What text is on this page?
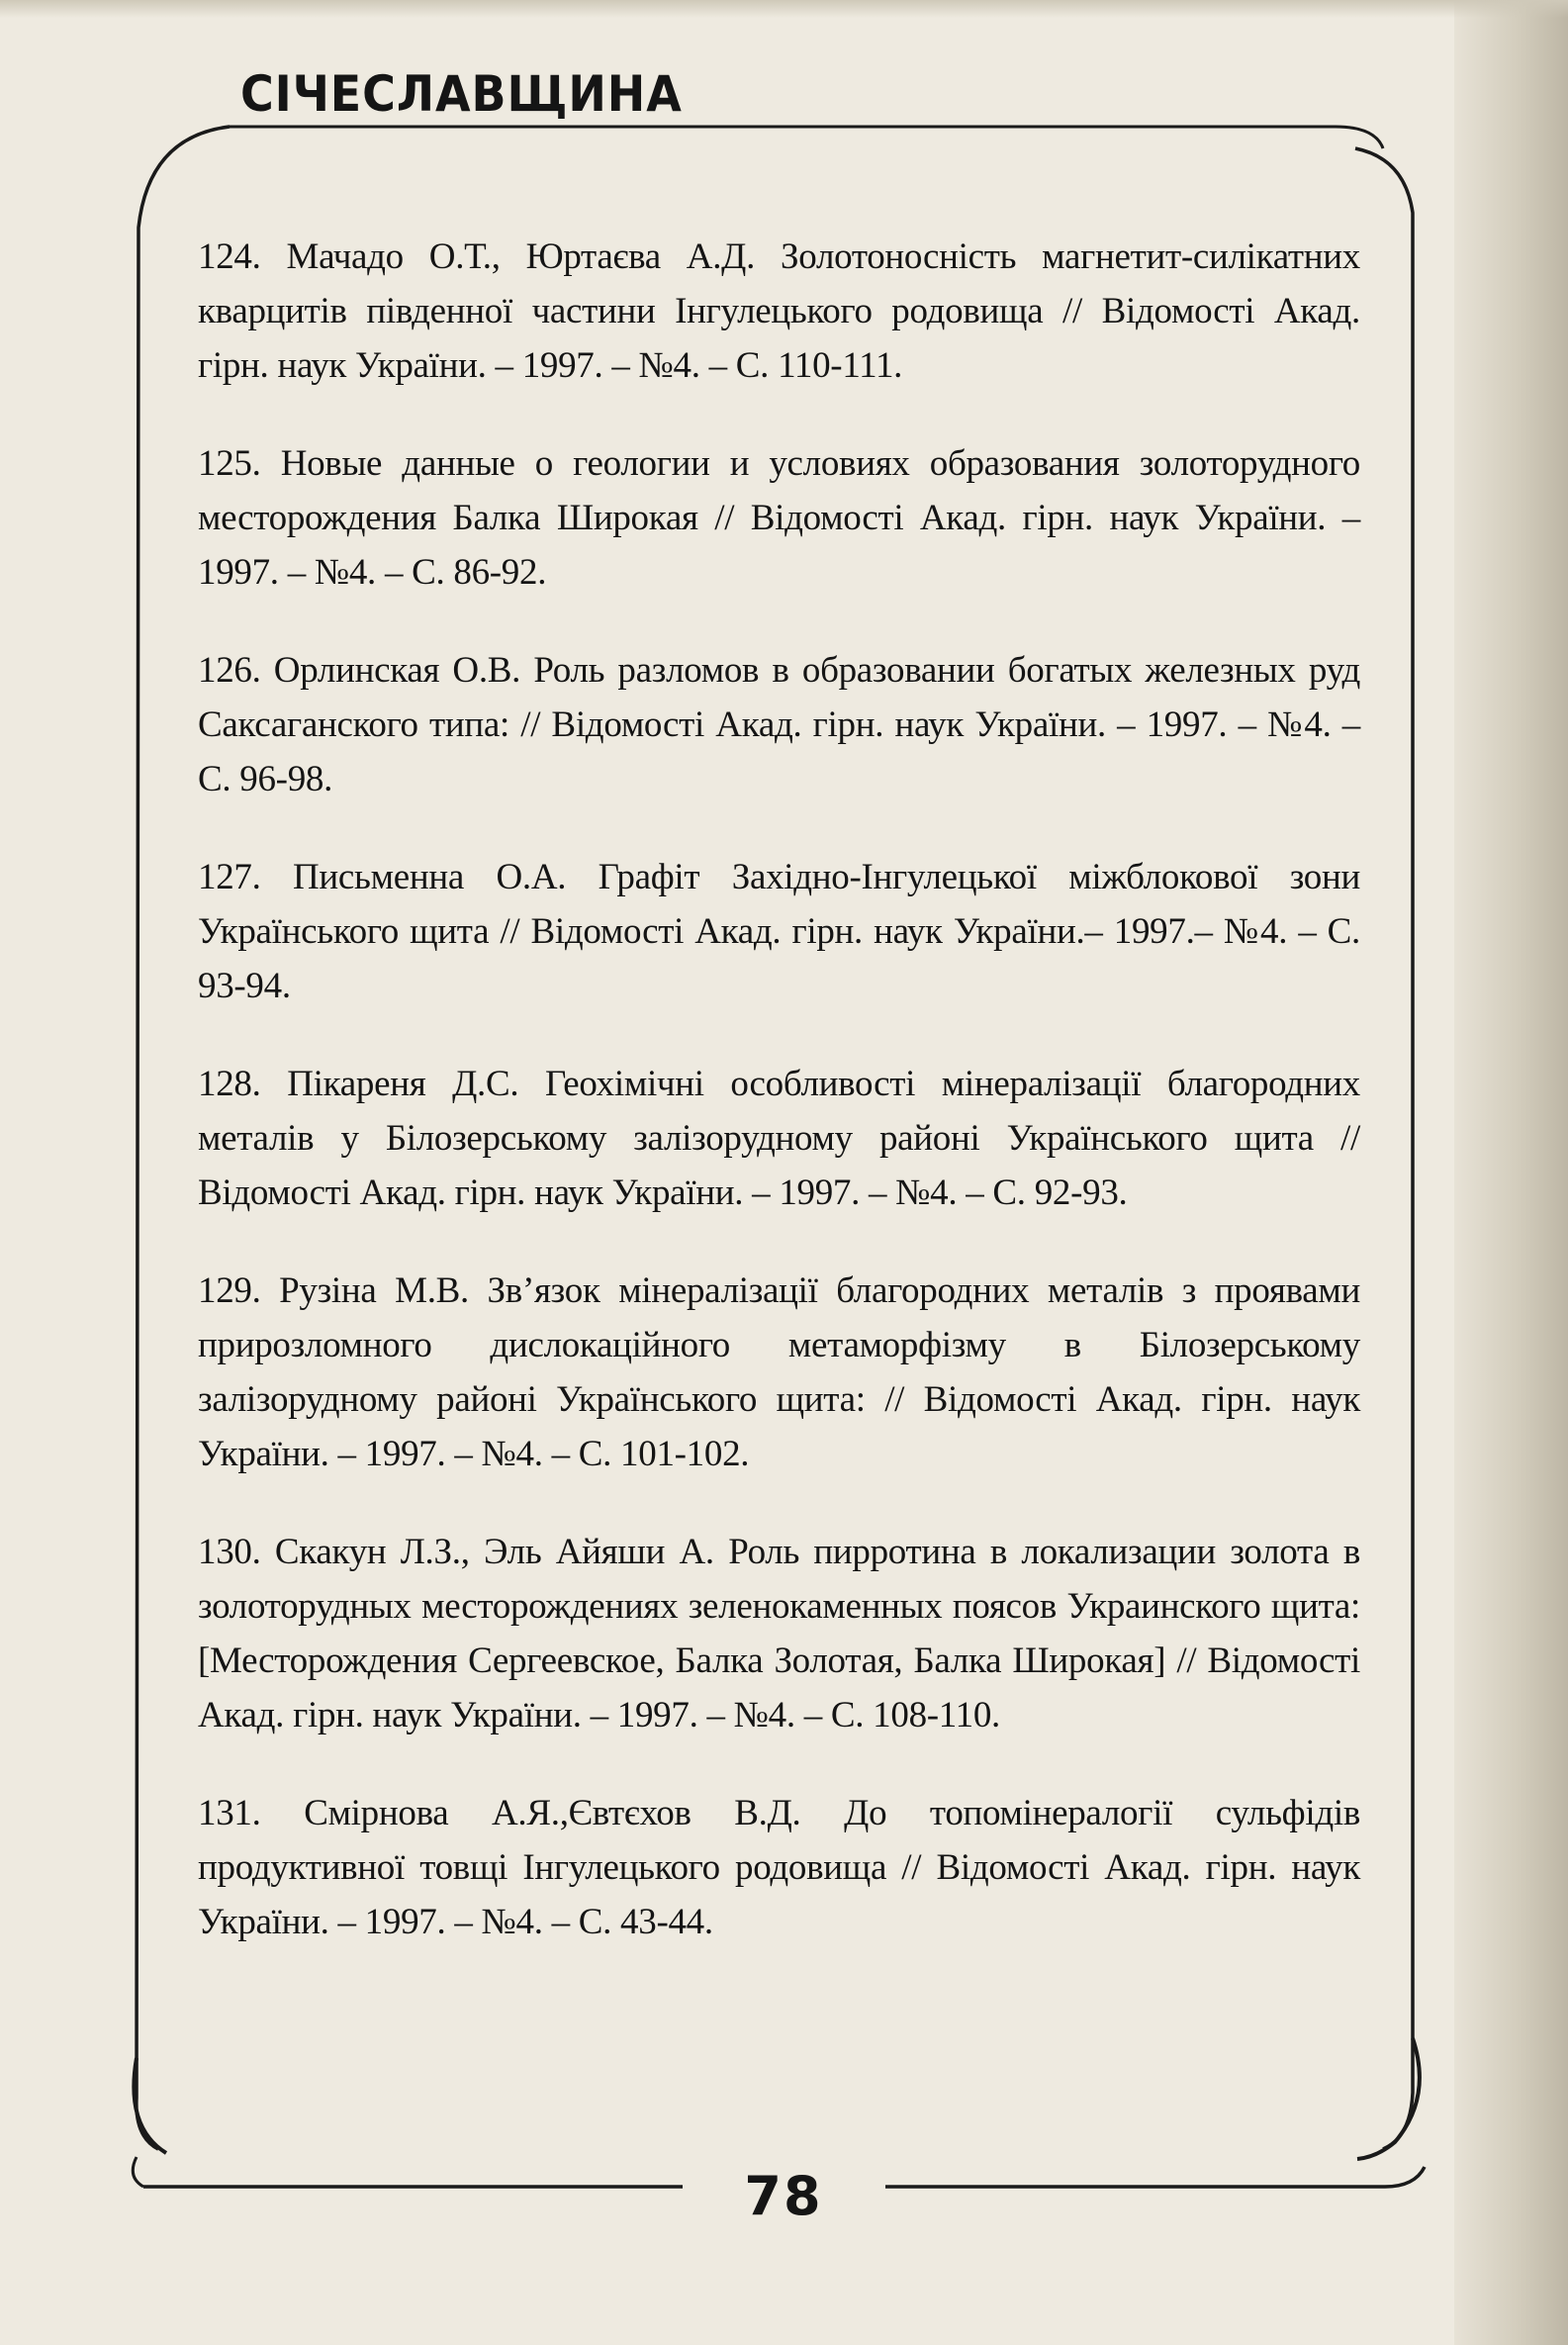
СІЧЕСЛАВЩИНА

124. Мачадо О.Т., Юртаєва А.Д. Золотоносність магнетит-силікатних кварцитів південної частини Інгулецького родовища // Відомості Акад. гірн. наук України. – 1997. – №4. – С. 110-111.

125. Новые данные о геологии и условиях образования золоторудного месторождения Балка Широкая // Відомості Акад. гірн. наук України. – 1997. – №4. – С. 86-92.

126. Орлинская О.В. Роль разломов в образовании богатых железных руд Саксаганского типа: // Відомості Акад. гірн. наук України. – 1997. – №4. – С. 96-98.

127. Письменна О.А. Графіт Західно-Інгулецької міжблокової зони Українського щита // Відомості Акад. гірн. наук України.– 1997.– №4. – С. 93-94.

128. Пікареня Д.С. Геохімічні особливості мінералізації благородних металів у Білозерському залізорудному районі Українського щита // Відомості Акад. гірн. наук України. – 1997. – №4. – С. 92-93.

129. Рузіна М.В. Зв’язок мінералізації благородних металів з проявами прирозломного дислокаційного метаморфізму в Білозерському залізорудному районі Українського щита: // Відомості Акад. гірн. наук України. – 1997. – №4. – С. 101-102.

130. Скакун Л.З., Эль Айяши А. Роль пирротина в локализации золота в золоторудных месторождениях зеленокаменных поясов Украинского щита: [Месторождения Сергеевское, Балка Золотая, Балка Широкая] // Відомості Акад. гірн. наук України. – 1997. – №4. – С. 108-110.

131. Смірнова А.Я.,Євтєхов В.Д. До топомінералогії сульфідів продуктивної товщі Інгулецького родовища // Відомості Акад. гірн. наук України. – 1997. – №4. – С. 43-44.

78
